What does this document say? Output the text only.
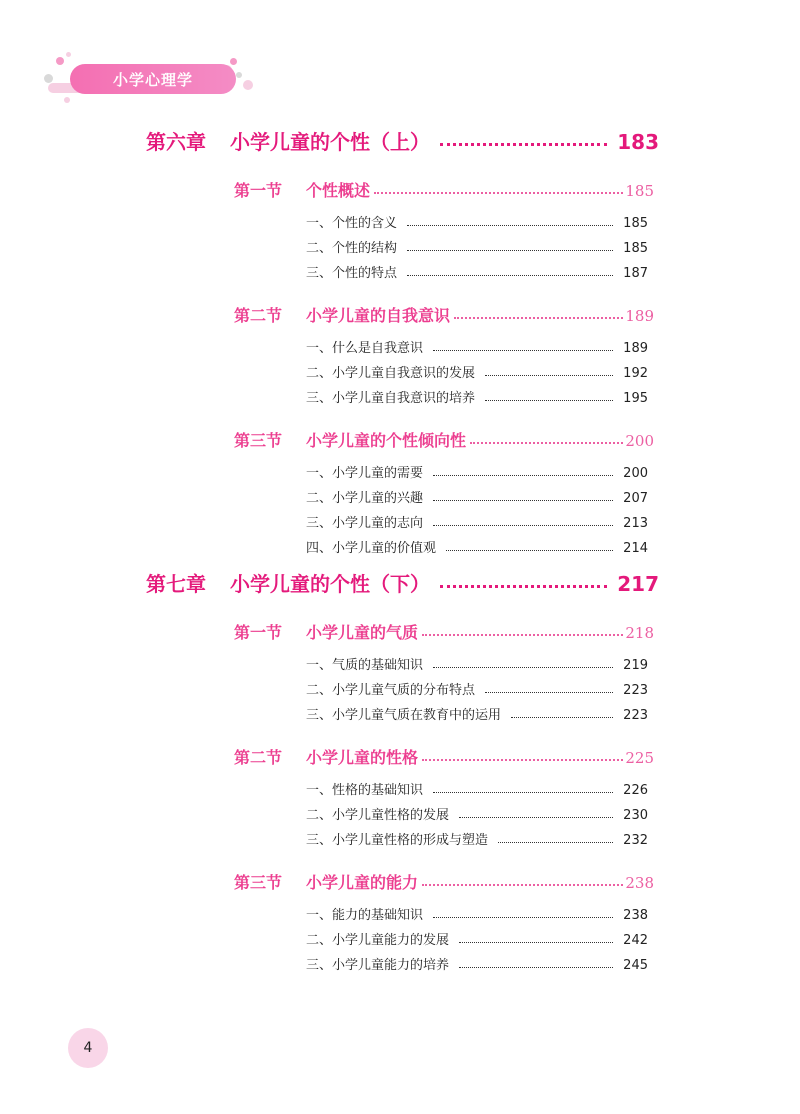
小学心理学
第六章	小学儿童的个性（上）	183
第一节	个性概述	185
一、个性的含义	185
二、个性的结构	185
三、个性的特点	187
第二节	小学儿童的自我意识	189
一、什么是自我意识	189
二、小学儿童自我意识的发展	192
三、小学儿童自我意识的培养	195
第三节	小学儿童的个性倾向性	200
一、小学儿童的需要	200
二、小学儿童的兴趣	207
三、小学儿童的志向	213
四、小学儿童的价值观	214
第七章	小学儿童的个性（下）	217
第一节	小学儿童的气质	218
一、气质的基础知识	219
二、小学儿童气质的分布特点	223
三、小学儿童气质在教育中的运用	223
第二节	小学儿童的性格	225
一、性格的基础知识	226
二、小学儿童性格的发展	230
三、小学儿童性格的形成与塑造	232
第三节	小学儿童的能力	238
一、能力的基础知识	238
二、小学儿童能力的发展	242
三、小学儿童能力的培养	245
4
